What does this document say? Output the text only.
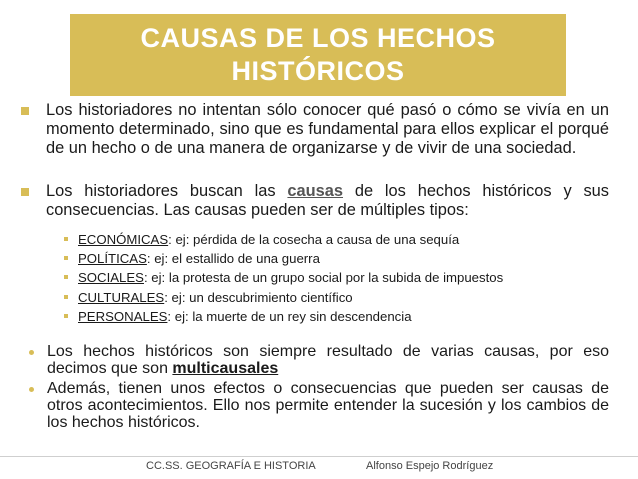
CAUSAS DE LOS HECHOS
HISTÓRICOS
Los historiadores no intentan sólo conocer qué pasó o cómo se vivía en un momento determinado, sino que es fundamental para ellos explicar el porqué de un hecho o de una manera de organizarse y de vivir de una sociedad.
Los historiadores buscan las causas de los hechos históricos y sus consecuencias. Las causas pueden ser de múltiples tipos:
ECONÓMICAS: ej: pérdida de la cosecha a causa de una sequía
POLÍTICAS: ej: el estallido de una guerra
SOCIALES: ej: la protesta de un grupo social por la subida de impuestos
CULTURALES: ej: un descubrimiento científico
PERSONALES: ej: la muerte de un rey sin descendencia
Los hechos históricos son siempre resultado de varias causas, por eso decimos que son multicausales
Además, tienen unos efectos o consecuencias que pueden ser causas de otros acontecimientos. Ello nos permite entender la sucesión y los cambios de los hechos históricos.
CC.SS. GEOGRAFÍA E HISTORIA	Alfonso Espejo Rodríguez
